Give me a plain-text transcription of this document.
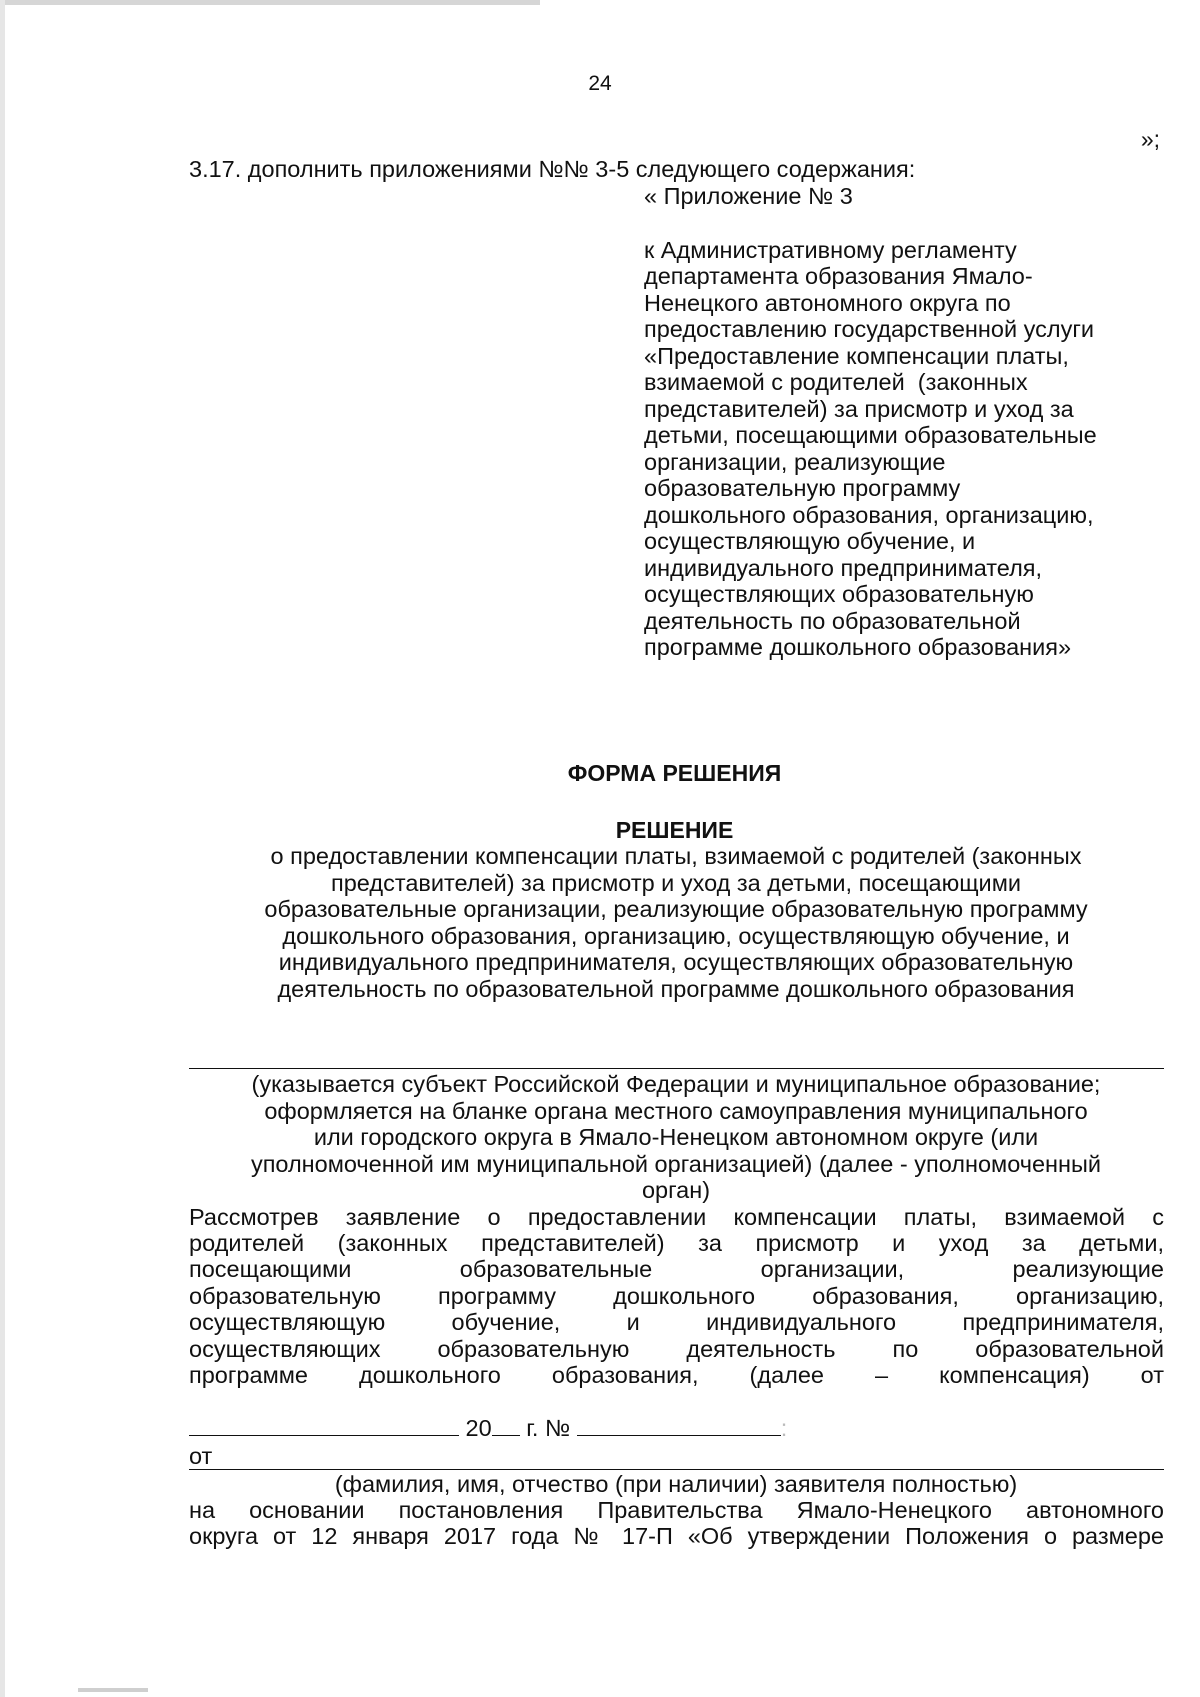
24
»;
3.17. дополнить приложениями №№ 3-5 следующего содержания:
« Приложение № 3
к Административному регламенту
департамента образования Ямало-
Ненецкого автономного округа по
предоставлению государственной услуги
«Предоставление компенсации платы,
взимаемой с родителей  (законных
представителей) за присмотр и уход за
детьми, посещающими образовательные
организации, реализующие
образовательную программу
дошкольного образования, организацию,
осуществляющую обучение, и
индивидуального предпринимателя,
осуществляющих образовательную
деятельность по образовательной
программе дошкольного образования»
ФОРМА РЕШЕНИЯ
РЕШЕНИЕ
о предоставлении компенсации платы, взимаемой с родителей (законных
представителей) за присмотр и уход за детьми, посещающими
образовательные организации, реализующие образовательную программу
дошкольного образования, организацию, осуществляющую обучение, и
индивидуального предпринимателя, осуществляющих образовательную
деятельность по образовательной программе дошкольного образования
(указывается субъект Российской Федерации и муниципальное образование;
оформляется на бланке органа местного самоуправления муниципального
или городского округа в Ямало-Ненецком автономном округе (или
уполномоченной им муниципальной организацией) (далее - уполномоченный
орган)
Рассмотрев заявление о предоставлении компенсации платы, взимаемой с
родителей (законных представителей) за присмотр и уход за детьми,
посещающими образовательные организации, реализующие
образовательную программу дошкольного образования, организацию,
осуществляющую обучение, и индивидуального предпринимателя,
осуществляющих образовательную деятельность по образовательной
программе дошкольного образования, (далее – компенсация) от
20 г. №	:
от
(фамилия, имя, отчество (при наличии) заявителя полностью)
на основании постановления Правительства Ямало-Ненецкого автономного
округа от 12 января 2017 года № 17-П «Об утверждении Положения о размере
